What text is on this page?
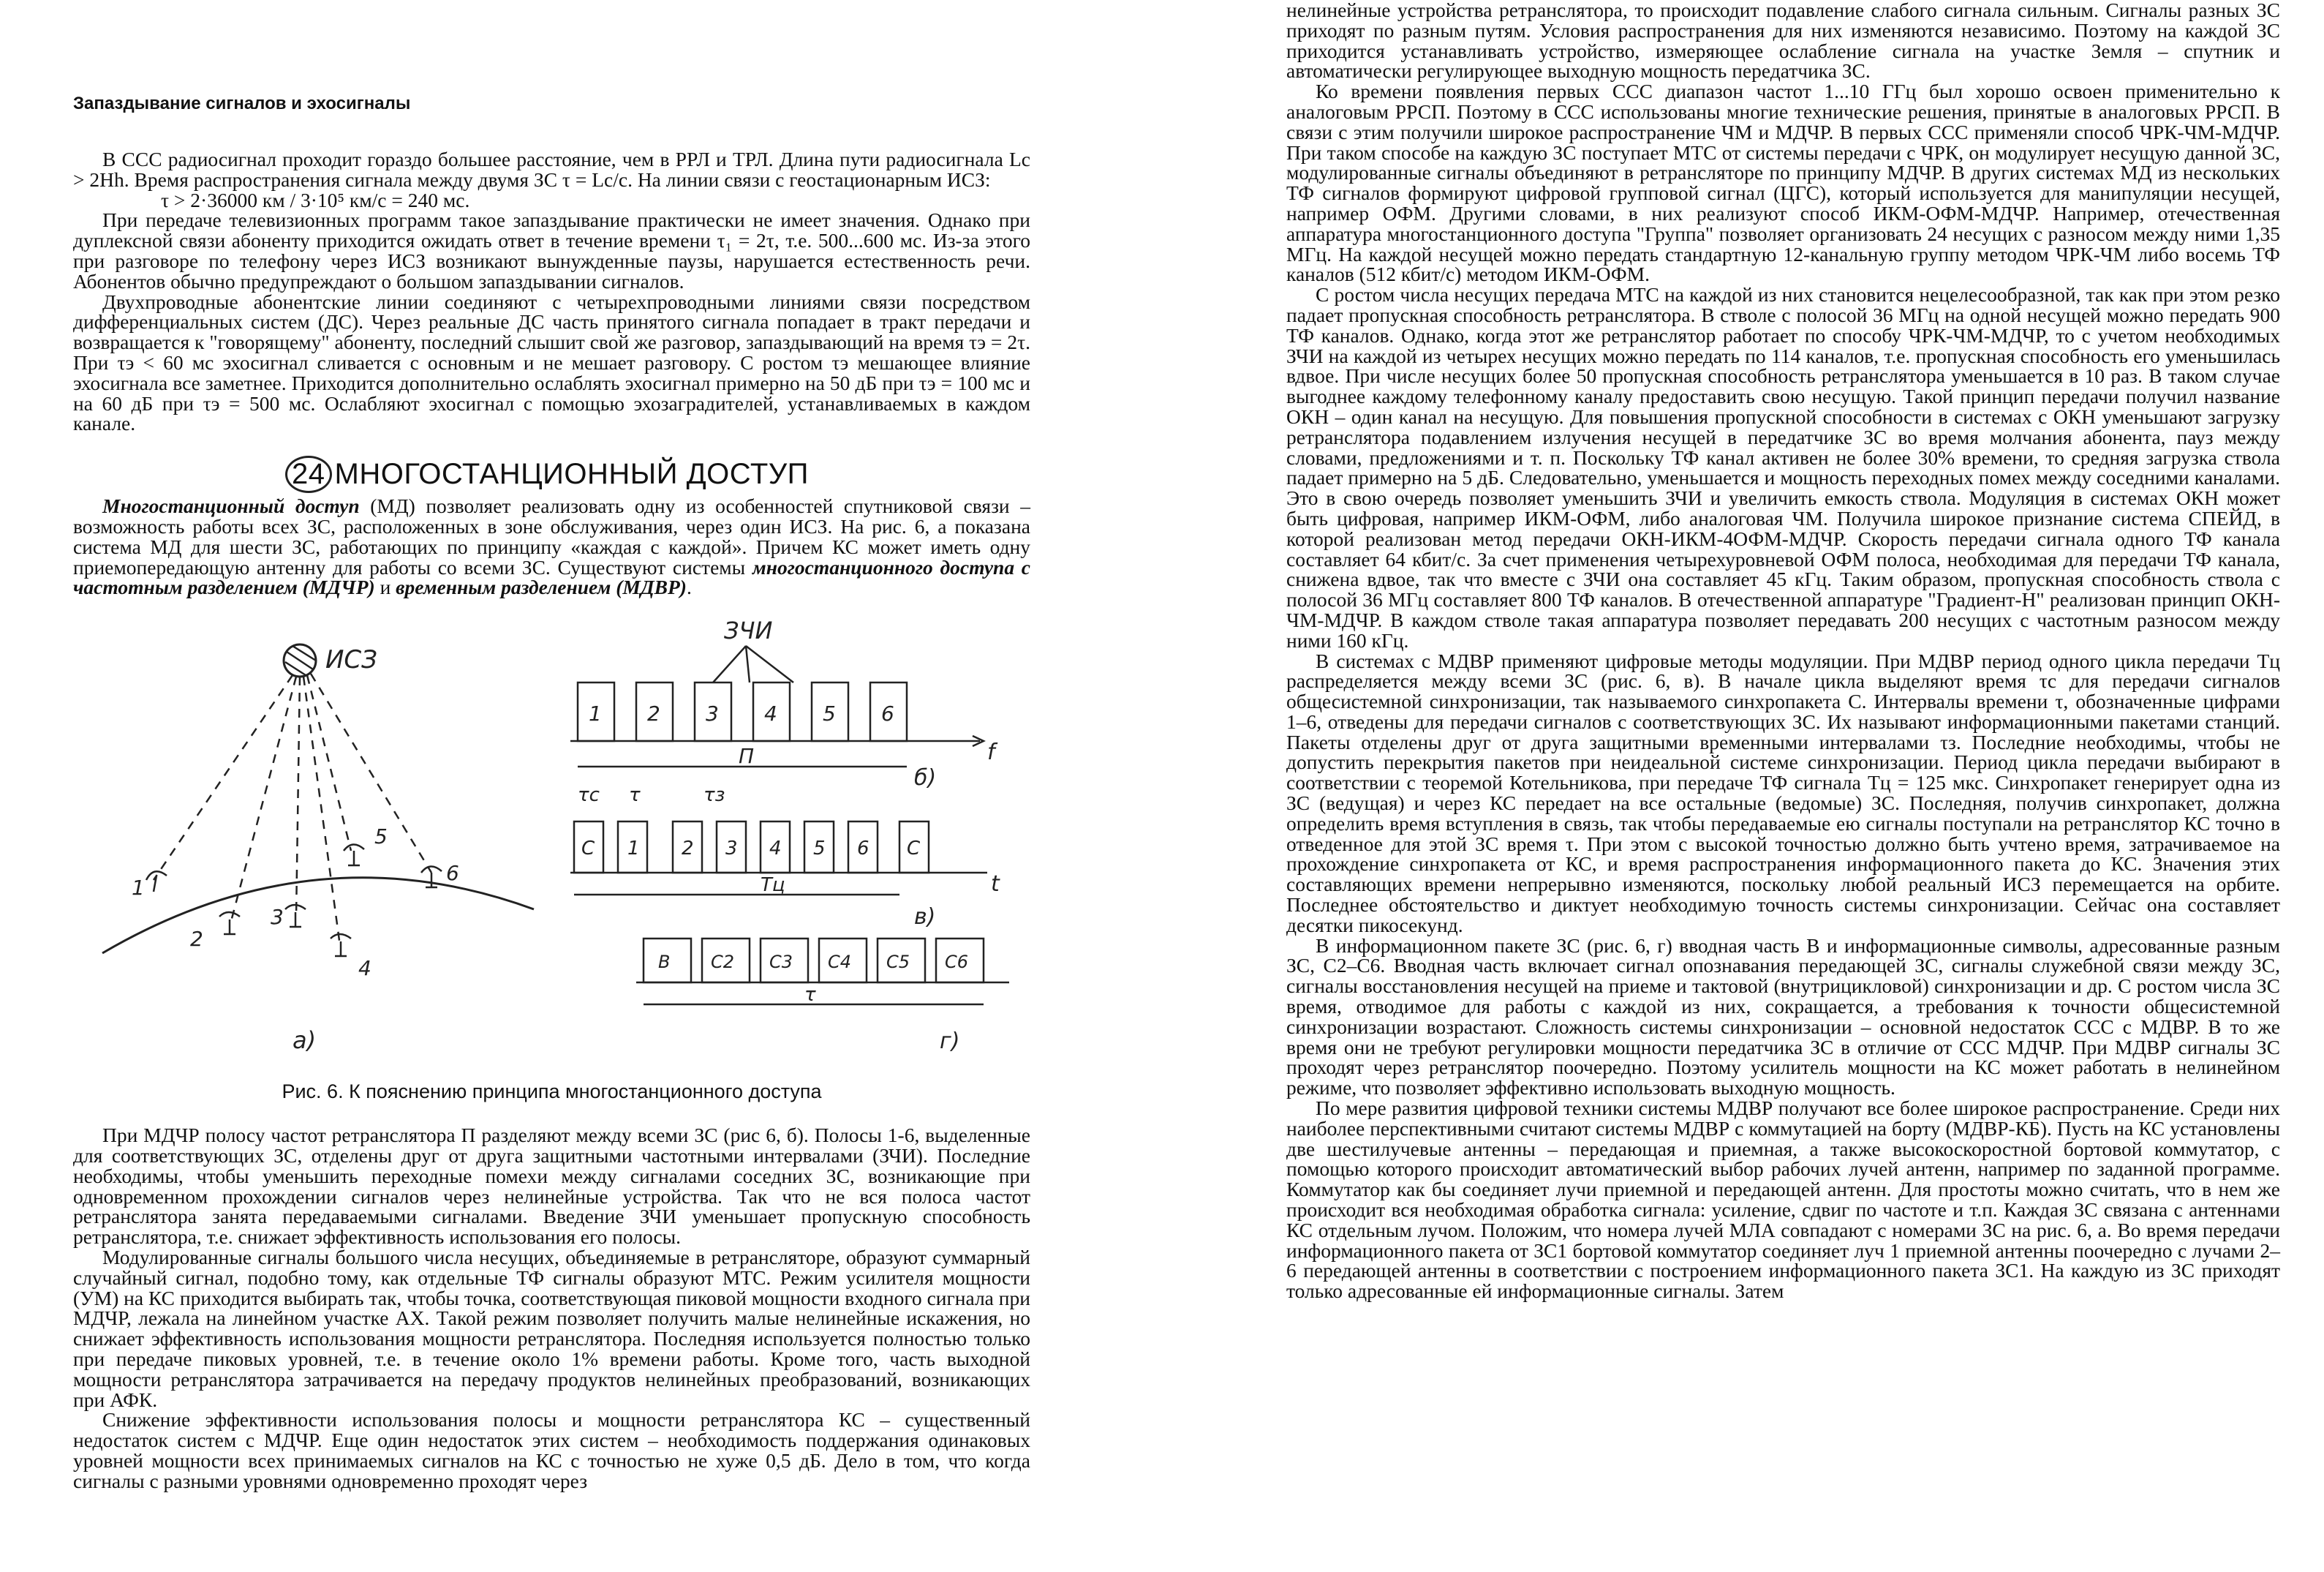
Запаздывание сигналов и эхосигналы

В ССС радиосигнал проходит гораздо большее расстояние, чем в РРЛ и ТРЛ. Длина пути радиосигнала Lс > 2Hh. Время распространения сигнала между двумя ЗС τ = Lс/c. На линии связи с геостационарным ИСЗ:

τ > 2·36000 км / 3·10⁵ км/с = 240 мс.

При передаче телевизионных программ такое запаздывание практически не имеет значения. Однако при дуплексной связи абоненту приходится ожидать ответ в течение времени τ₁ = 2τ, т.е. 500...600 мс. Из-за этого при разговоре по телефону через ИСЗ возникают вынужденные паузы, нарушается естественность речи. Абонентов обычно предупреждают о большом запаздывании сигналов.

Двухпроводные абонентские линии соединяют с четырехпроводными линиями связи посредством дифференциальных систем (ДС). Через реальные ДС часть принятого сигнала попадает в тракт передачи и возвращается к "говорящему" абоненту, последний слышит свой же разговор, запаздывающий на время τэ = 2τ. При τэ < 60 мс эхосигнал сливается с основным и не мешает разговору. С ростом τэ мешающее влияние эхосигнала все заметнее. Приходится дополнительно ослаблять эхосигнал примерно на 50 дБ при τэ = 100 мс и на 60 дБ при τэ = 500 мс. Ослабляют эхосигнал с помощью эхозаградителей, устанавливаемых в каждом канале.

24 МНОГОСТАНЦИОННЫЙ ДОСТУП

Многостанционный доступ (МД) позволяет реализовать одну из особенностей спутниковой связи – возможность работы всех ЗС, расположенных в зоне обслуживания, через один ИСЗ. На рис. 6, а показана система МД для шести ЗС, работающих по принципу «каждая с каждой». Причем КС может иметь одну приемопередающую антенну для работы со всеми ЗС. Существуют системы многостанционного доступа с частотным разделением (МДЧР) и временным разделением (МДВР).

ИСЗ
1
2
3
4
5
6
а)
ЗЧИ
1 2 3 4 5 6
f
П
б)
τс τ	τз
C 1 2 3 4 5 6 C
Тц	t
в)
В С2 С3 С4 С5 С6
τ
г)

Рис. 6. К пояснению принципа многостанционного доступа

При МДЧР полосу частот ретранслятора П разделяют между всеми ЗС (рис 6, б). Полосы 1-6, выделенные для соответствующих ЗС, отделены друг от друга защитными частотными интервалами (ЗЧИ). Последние необходимы, чтобы уменьшить переходные помехи между сигналами соседних ЗС, возникающие при одновременном прохождении сигналов через нелинейные устройства. Так что не вся полоса частот ретранслятора занята передаваемыми сигналами. Введение ЗЧИ уменьшает пропускную способность ретранслятора, т.е. снижает эффективность использования его полосы.

Модулированные сигналы большого числа несущих, объединяемые в ретрансляторе, образуют суммарный случайный сигнал, подобно тому, как отдельные ТФ сигналы образуют МТС. Режим усилителя мощности (УМ) на КС приходится выбирать так, чтобы точка, соответствующая пиковой мощности входного сигнала при МДЧР, лежала на линейном участке АХ. Такой режим позволяет получить малые нелинейные искажения, но снижает эффективность использования мощности ретранслятора. Последняя используется полностью только при передаче пиковых уровней, т.е. в течение около 1% времени работы. Кроме того, часть выходной мощности ретранслятора затрачивается на передачу продуктов нелинейных преобразований, возникающих при АФК.

Снижение эффективности использования полосы и мощности ретранслятора КС – существенный недостаток систем с МДЧР. Еще один недостаток этих систем – необходимость поддержания одинаковых уровней мощности всех принимаемых сигналов на КС с точностью не хуже 0,5 дБ. Дело в том, что когда сигналы с разными уровнями одновременно проходят через

нелинейные устройства ретранслятора, то происходит подавление слабого сигнала сильным. Сигналы разных ЗС приходят по разным путям. Условия распространения для них изменяются независимо. Поэтому на каждой ЗС приходится устанавливать устройство, измеряющее ослабление сигнала на участке Земля – спутник и автоматически регулирующее выходную мощность передатчика ЗС.

Ко времени появления первых ССС диапазон частот 1...10 ГГц был хорошо освоен применительно к аналоговым РРСП. Поэтому в ССС использованы многие технические решения, принятые в аналоговых РРСП. В связи с этим получили широкое распространение ЧМ и МДЧР. В первых ССС применяли способ ЧРК-ЧМ-МДЧР. При таком способе на каждую ЗС поступает МТС от системы передачи с ЧРК, он модулирует несущую данной ЗС, модулированные сигналы объединяют в ретрансляторе по принципу МДЧР. В других системах МД из нескольких ТФ сигналов формируют цифровой групповой сигнал (ЦГС), который используется для манипуляции несущей, например ОФМ. Другими словами, в них реализуют способ ИКМ-ОФМ-МДЧР. Например, отечественная аппаратура многостанционного доступа "Группа" позволяет организовать 24 несущих с разносом между ними 1,35 МГц. На каждой несущей можно передать стандартную 12-канальную группу методом ЧРК-ЧМ либо восемь ТФ каналов (512 кбит/с) методом ИКМ-ОФМ.

С ростом числа несущих передача МТС на каждой из них становится нецелесообразной, так как при этом резко падает пропускная способность ретранслятора. В стволе с полосой 36 МГц на одной несущей можно передать 900 ТФ каналов. Однако, когда этот же ретранслятор работает по способу ЧРК-ЧМ-МДЧР, то с учетом необходимых ЗЧИ на каждой из четырех несущих можно передать по 114 каналов, т.е. пропускная способность его уменьшилась вдвое. При числе несущих более 50 пропускная способность ретранслятора уменьшается в 10 раз. В таком случае выгоднее каждому телефонному каналу предоставить свою несущую. Такой принцип передачи получил название ОКН – один канал на несущую. Для повышения пропускной способности в системах с ОКН уменьшают загрузку ретранслятора подавлением излучения несущей в передатчике ЗС во время молчания абонента, пауз между словами, предложениями и т. п. Поскольку ТФ канал активен не более 30% времени, то средняя загрузка ствола падает примерно на 5 дБ. Следовательно, уменьшается и мощность переходных помех между соседними каналами. Это в свою очередь позволяет уменьшить ЗЧИ и увеличить емкость ствола. Модуляция в системах ОКН может быть цифровая, например ИКМ-ОФМ, либо аналоговая ЧМ. Получила широкое признание система СПЕЙД, в которой реализован метод передачи ОКН-ИКМ-4ОФМ-МДЧР. Скорость передачи сигнала одного ТФ канала составляет 64 кбит/с. За счет применения четырехуровневой ОФМ полоса, необходимая для передачи ТФ канала, снижена вдвое, так что вместе с ЗЧИ она составляет 45 кГц. Таким образом, пропускная способность ствола с полосой 36 МГц составляет 800 ТФ каналов. В отечественной аппаратуре "Градиент-Н" реализован принцип ОКН-ЧМ-МДЧР. В каждом стволе такая аппаратура позволяет передавать 200 несущих с частотным разносом между ними 160 кГц.

В системах с МДВР применяют цифровые методы модуляции. При МДВР период одного цикла передачи Тц распределяется между всеми ЗС (рис. 6, в). В начале цикла выделяют время τс для передачи сигналов общесистемной синхронизации, так называемого синхропакета С. Интервалы времени τ, обозначенные цифрами 1–6, отведены для передачи сигналов с соответствующих ЗС. Их называют информационными пакетами станций. Пакеты отделены друг от друга защитными временными интервалами τз. Последние необходимы, чтобы не допустить перекрытия пакетов при неидеальной системе синхронизации. Период цикла передачи выбирают в соответствии с теоремой Котельникова, при передаче ТФ сигнала Тц = 125 мкс. Синхропакет генерирует одна из ЗС (ведущая) и через КС передает на все остальные (ведомые) ЗС. Последняя, получив синхропакет, должна определить время вступления в связь, так чтобы передаваемые ею сигналы поступали на ретранслятор КС точно в отведенное для этой ЗС время τ. При этом с высокой точностью должно быть учтено время, затрачиваемое на прохождение синхропакета от КС, и время распространения информационного пакета до КС. Значения этих составляющих времени непрерывно изменяются, поскольку любой реальный ИСЗ перемещается на орбите. Последнее обстоятельство и диктует необходимую точность системы синхронизации. Сейчас она составляет десятки пикосекунд.

В информационном пакете ЗС (рис. 6, г) вводная часть В и информационные символы, адресованные разным ЗС, С2–С6. Вводная часть включает сигнал опознавания передающей ЗС, сигналы служебной связи между ЗС, сигналы восстановления несущей на приеме и тактовой (внутрицикловой) синхронизации и др. С ростом числа ЗС время, отводимое для работы с каждой из них, сокращается, а требования к точности общесистемной синхронизации возрастают. Сложность системы синхронизации – основной недостаток ССС с МДВР. В то же время они не требуют регулировки мощности передатчика ЗС в отличие от ССС МДЧР. При МДВР сигналы ЗС проходят через ретранслятор поочередно. Поэтому усилитель мощности на КС может работать в нелинейном режиме, что позволяет эффективно использовать выходную мощность.

По мере развития цифровой техники системы МДВР получают все более широкое распространение. Среди них наиболее перспективными считают системы МДВР с коммутацией на борту (МДВР-КБ). Пусть на КС установлены две шестилучевые антенны – передающая и приемная, а также высокоскоростной бортовой коммутатор, с помощью которого происходит автоматический выбор рабочих лучей антенн, например по заданной программе. Коммутатор как бы соединяет лучи приемной и передающей антенн. Для простоты можно считать, что в нем же происходит вся необходимая обработка сигнала: усиление, сдвиг по частоте и т.п. Каждая ЗС связана с антеннами КС отдельным лучом. Положим, что номера лучей МЛА совпадают с номерами ЗС на рис. 6, а. Во время передачи информационного пакета от ЗС1 бортовой коммутатор соединяет луч 1 приемной антенны поочередно с лучами 2–6 передающей антенны в соответствии с построением информационного пакета ЗС1. На каждую из ЗС приходят только адресованные ей информационные сигналы. Затем
